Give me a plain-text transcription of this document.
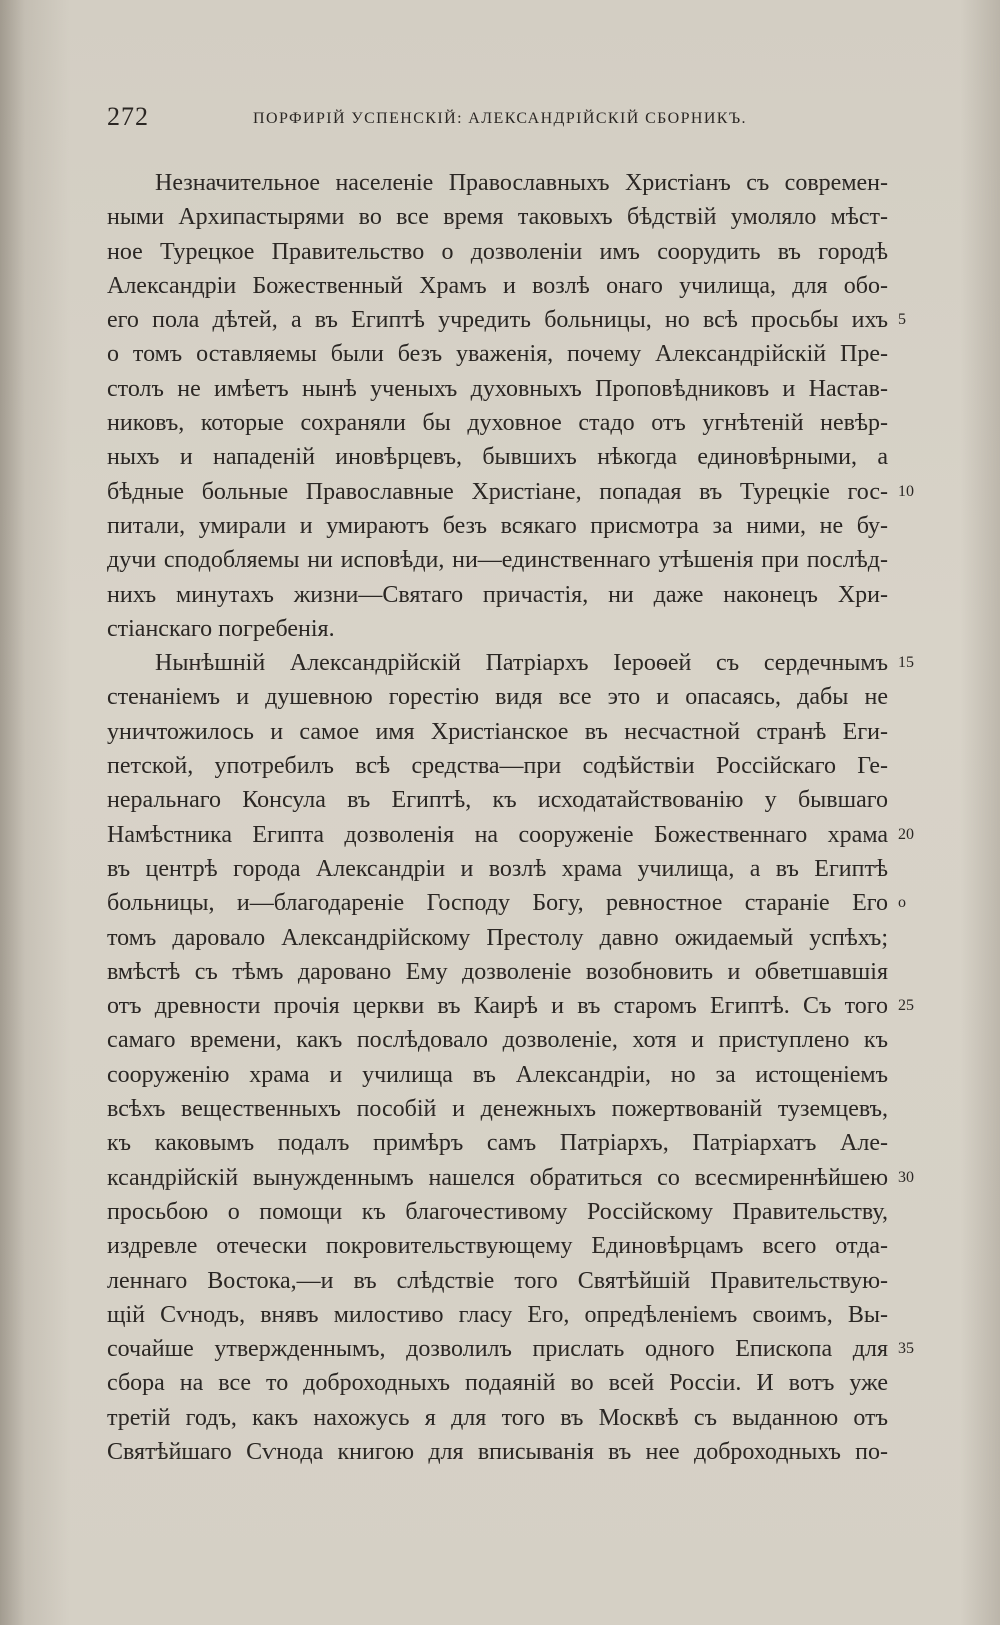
272	ПОРФИРІЙ УСПЕНСКІЙ: АЛЕКСАНДРІЙСКІЙ СБОРНИКЪ.
Незначительное населеніе Православныхъ Христіанъ съ современ-
ными Архипастырями во все время таковыхъ бѣдствій умоляло мѣст-
ное Турецкое Правительство о дозволеніи имъ соорудить въ городѣ
Александріи Божественный Храмъ и возлѣ онаго училища, для обо-
его пола дѣтей, а въ Египтѣ учредить больницы, но всѣ просьбы ихъ 5
о томъ оставляемы были безъ уваженія, почему Александрійскій Пре-
столъ не имѣетъ нынѣ ученыхъ духовныхъ Проповѣдниковъ и Настав-
никовъ, которые сохраняли бы духовное стадо отъ угнѣтеній невѣр-
ныхъ и нападеній иновѣрцевъ, бывшихъ нѣкогда единовѣрными, а
бѣдные больные Православные Христіане, попадая въ Турецкіе гос- 10
питали, умирали и умираютъ безъ всякаго присмотра за ними, не бу-
дучи сподобляемы ни исповѣди, ни—единственнаго утѣшенія при послѣд-
нихъ минутахъ жизни—Святаго причастія, ни даже наконецъ Хри-
стіанскаго погребенія.
Нынѣшній Александрійскій Патріархъ Іероѳей съ сердечнымъ 15
стенаніемъ и душевною горестію видя все это и опасаясь, дабы не
уничтожилось и самое имя Христіанское въ несчастной странѣ Еги-
петской, употребилъ всѣ средства—при содѣйствіи Россійскаго Ге-
неральнаго Консула въ Египтѣ, къ исходатайствованію у бывшаго
Намѣстника Египта дозволенія на сооруженіе Божественнаго храма 20
въ центрѣ города Александріи и возлѣ храма училища, а въ Египтѣ
больницы, и—благодареніе Господу Богу, ревностное стараніе Его o
томъ даровало Александрійскому Престолу давно ожидаемый успѣхъ;
вмѣстѣ съ тѣмъ даровано Ему дозволеніе возобновить и обветшавшія
отъ древности прочія церкви въ Каирѣ и въ старомъ Египтѣ. Съ того 25
самаго времени, какъ послѣдовало дозволеніе, хотя и приступлено къ
сооруженію храма и училища въ Александріи, но за истощеніемъ
всѣхъ вещественныхъ пособій и денежныхъ пожертвованій туземцевъ,
къ каковымъ подалъ примѣръ самъ Патріархъ, Патріархатъ Але-
ксандрійскій вынужденнымъ нашелся обратиться со всесмиреннѣйшею 30
просьбою о помощи къ благочестивому Россійскому Правительству,
издревле отечески покровительствующему Единовѣрцамъ всего отда-
леннаго Востока,—и въ слѣдствіе того Святѣйшій Правительствую-
щій Сѵнодъ, внявъ милостиво гласу Его, опредѣленіемъ своимъ, Вы-
сочайше утвержденнымъ, дозволилъ прислать одного Епископа для 35
сбора на все то доброходныхъ подаяній во всей Россіи. И вотъ уже
третій годъ, какъ нахожусь я для того въ Москвѣ съ выданною отъ
Святѣйшаго Сѵнода книгою для вписыванія въ нее доброходныхъ по-
